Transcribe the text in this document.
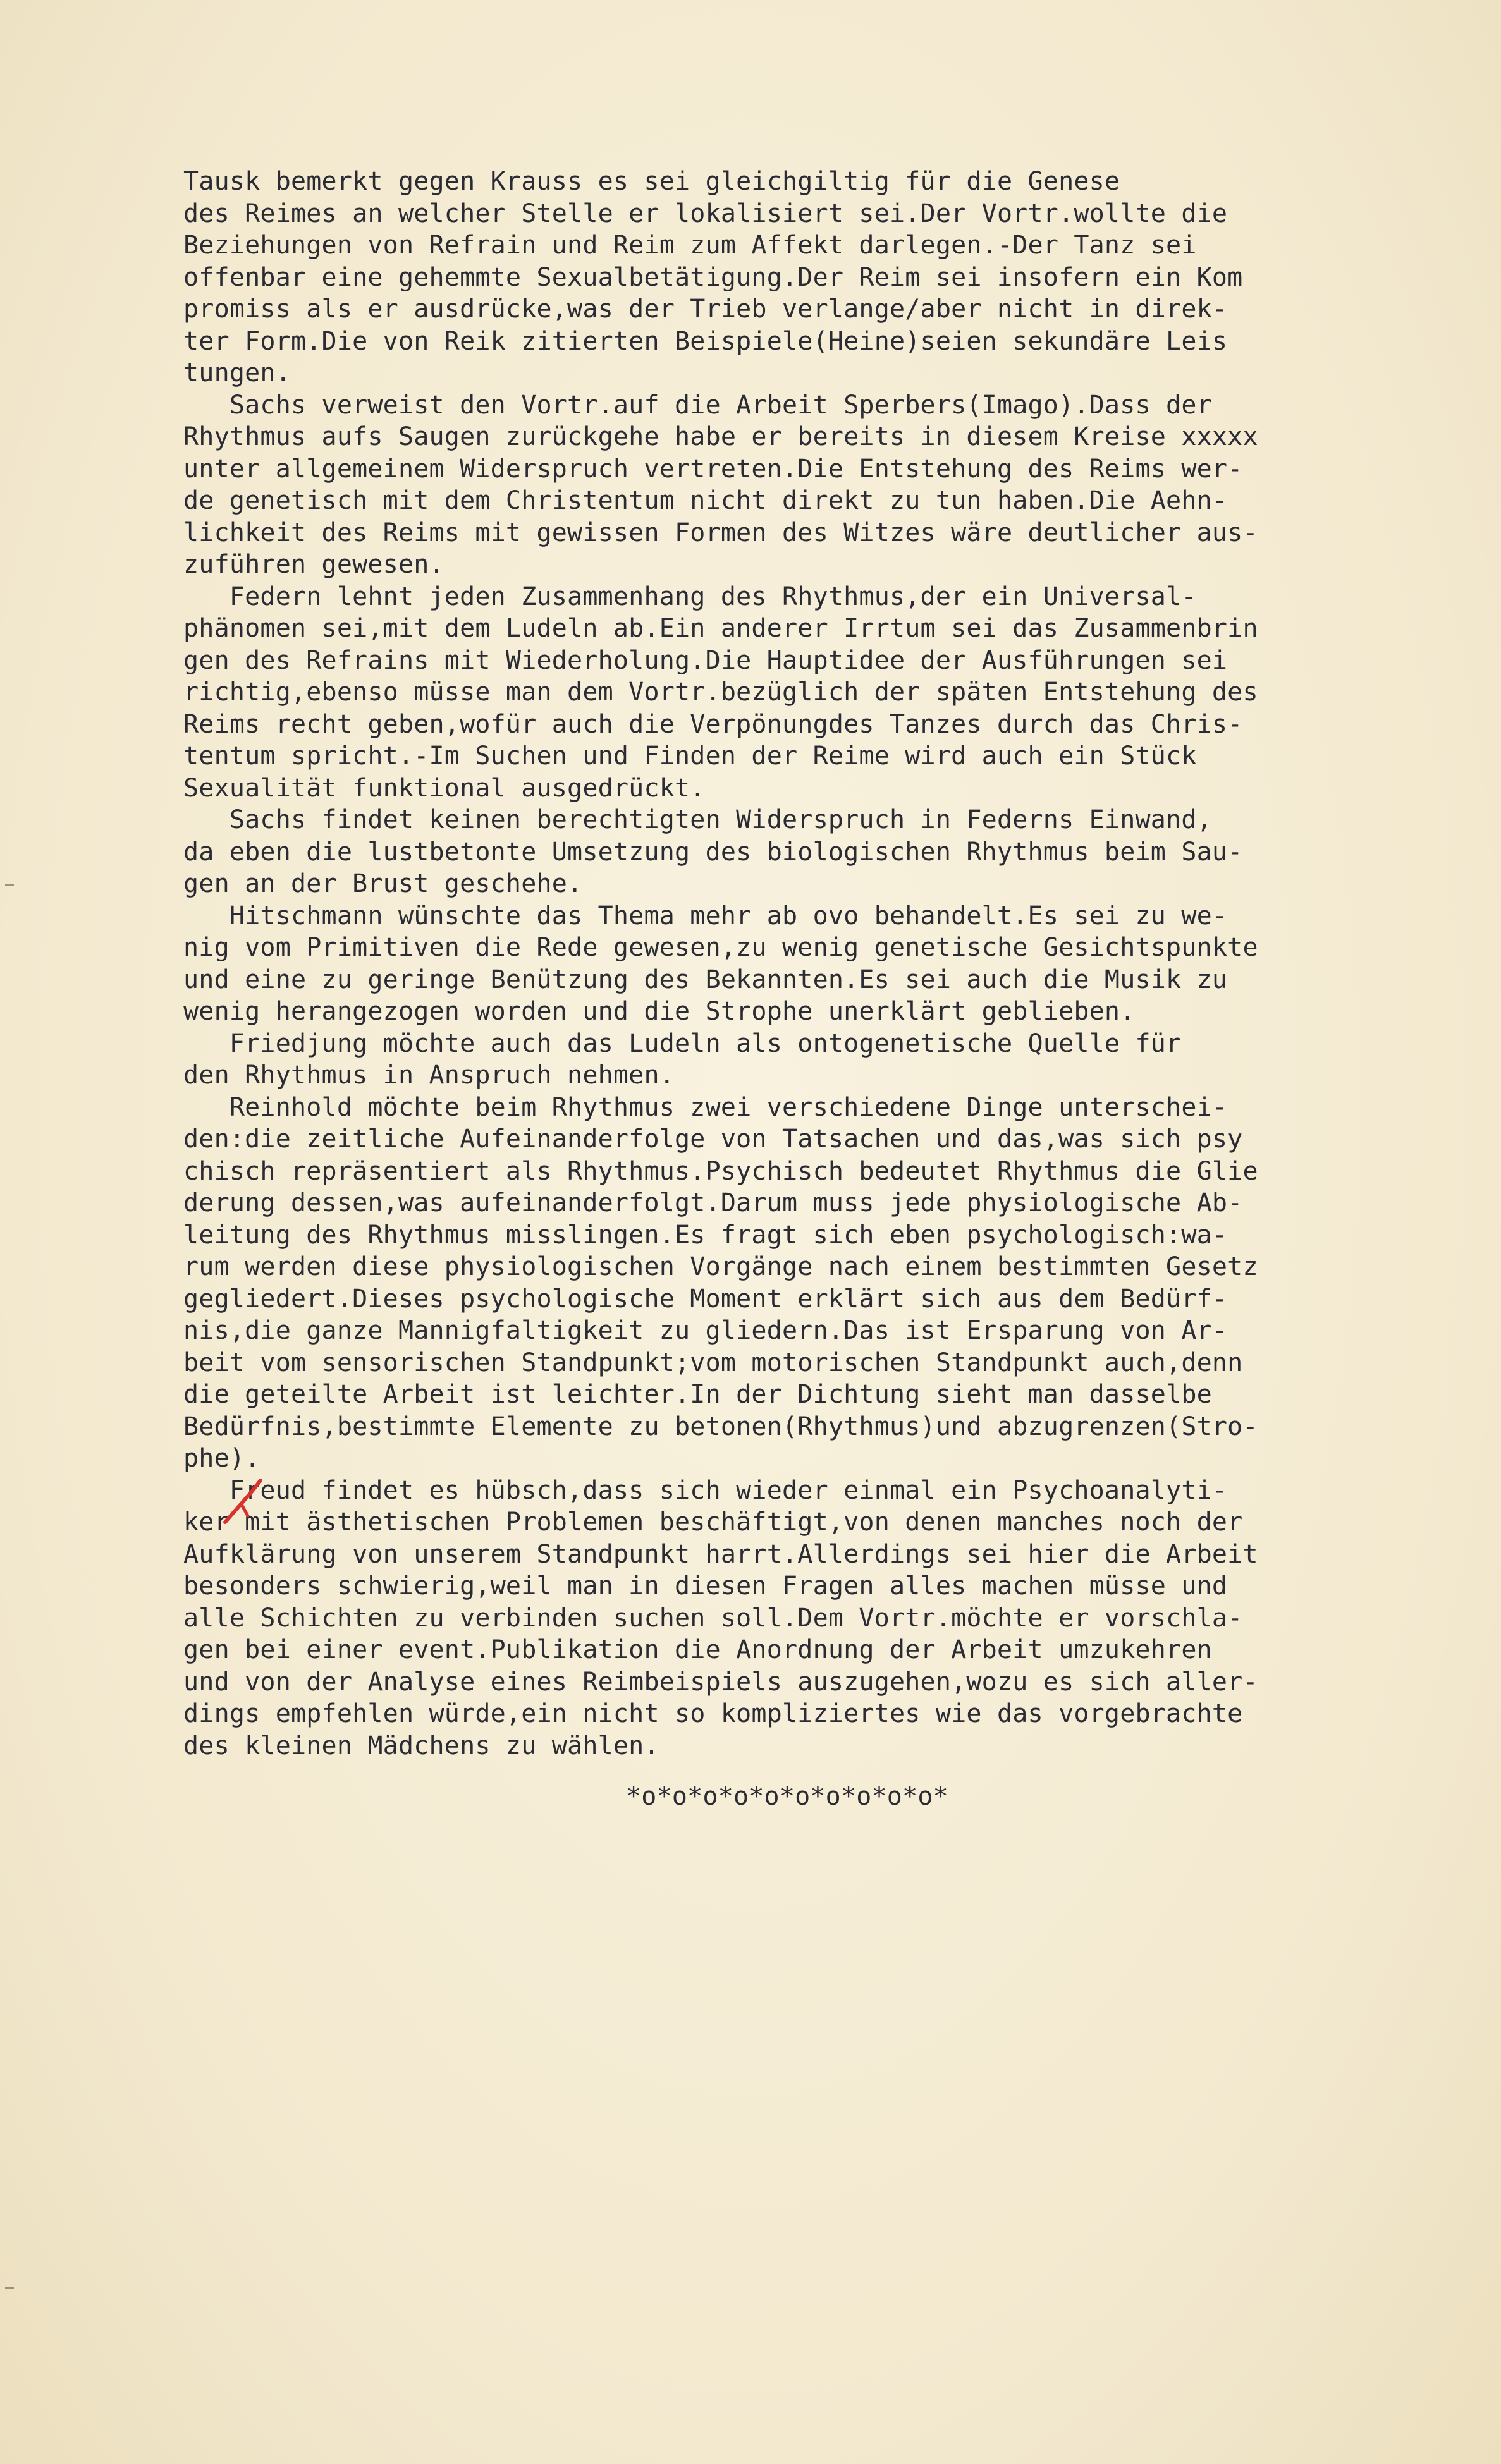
Tausk bemerkt gegen Krauss es sei gleichgiltig für die Genese
des Reimes an welcher Stelle er lokalisiert sei.Der Vortr.wollte die
Beziehungen von Refrain und Reim zum Affekt darlegen.-Der Tanz sei
offenbar eine gehemmte Sexualbetätigung.Der Reim sei insofern ein Kom
promiss als er ausdrücke,was der Trieb verlange/aber nicht in direk-
ter Form.Die von Reik zitierten Beispiele(Heine)seien sekundäre Leis
tungen.
Sachs verweist den Vortr.auf die Arbeit Sperbers(Imago).Dass der
Rhythmus aufs Saugen zurückgehe habe er bereits in diesem Kreise xxxxx
unter allgemeinem Widerspruch vertreten.Die Entstehung des Reims wer-
de genetisch mit dem Christentum nicht direkt zu tun haben.Die Aehn-
lichkeit des Reims mit gewissen Formen des Witzes wäre deutlicher aus-
zuführen gewesen.
Federn lehnt jeden Zusammenhang des Rhythmus,der ein Universal-
phänomen sei,mit dem Ludeln ab.Ein anderer Irrtum sei das Zusammenbrin
gen des Refrains mit Wiederholung.Die Hauptidee der Ausführungen sei
richtig,ebenso müsse man dem Vortr.bezüglich der späten Entstehung des
Reims recht geben,wofür auch die Verpönungdes Tanzes durch das Chris-
tentum spricht.-Im Suchen und Finden der Reime wird auch ein Stück
Sexualität funktional ausgedrückt.
Sachs findet keinen berechtigten Widerspruch in Federns Einwand,
da eben die lustbetonte Umsetzung des biologischen Rhythmus beim Sau-
gen an der Brust geschehe.
Hitschmann wünschte das Thema mehr ab ovo behandelt.Es sei zu we-
nig vom Primitiven die Rede gewesen,zu wenig genetische Gesichtspunkte
und eine zu geringe Benützung des Bekannten.Es sei auch die Musik zu
wenig herangezogen worden und die Strophe unerklärt geblieben.
Friedjung möchte auch das Ludeln als ontogenetische Quelle für
den Rhythmus in Anspruch nehmen.
Reinhold möchte beim Rhythmus zwei verschiedene Dinge unterschei-
den:die zeitliche Aufeinanderfolge von Tatsachen und das,was sich psy
chisch repräsentiert als Rhythmus.Psychisch bedeutet Rhythmus die Glie
derung dessen,was aufeinanderfolgt.Darum muss jede physiologische Ab-
leitung des Rhythmus misslingen.Es fragt sich eben psychologisch:wa-
rum werden diese physiologischen Vorgänge nach einem bestimmten Gesetz
gegliedert.Dieses psychologische Moment erklärt sich aus dem Bedürf-
nis,die ganze Mannigfaltigkeit zu gliedern.Das ist Ersparung von Ar-
beit vom sensorischen Standpunkt;vom motorischen Standpunkt auch,denn
die geteilte Arbeit ist leichter.In der Dichtung sieht man dasselbe
Bedürfnis,bestimmte Elemente zu betonen(Rhythmus)und abzugrenzen(Stro-
phe).
Freud findet es hübsch,dass sich wieder einmal ein Psychoanalyti-
ker mit ästhetischen Problemen beschäftigt,von denen manches noch der
Aufklärung von unserem Standpunkt harrt.Allerdings sei hier die Arbeit
besonders schwierig,weil man in diesen Fragen alles machen müsse und
alle Schichten zu verbinden suchen soll.Dem Vortr.möchte er vorschla-
gen bei einer event.Publikation die Anordnung der Arbeit umzukehren
und von der Analyse eines Reimbeispiels auszugehen,wozu es sich aller-
dings empfehlen würde,ein nicht so kompliziertes wie das vorgebrachte
des kleinen Mädchens zu wählen.
*o*o*o*o*o*o*o*o*o*o*
